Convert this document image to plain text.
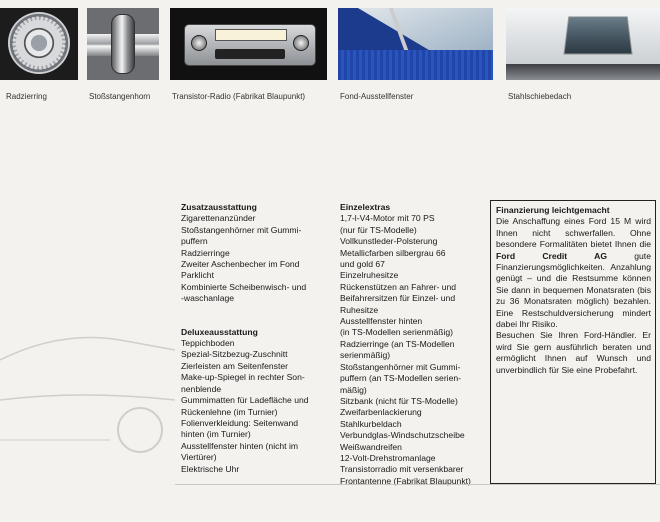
Radzierring	Stoßstangenhorn	Transistor-Radio (Fabrikat Blaupunkt)	Fond-Ausstellfenster	Stahlschiebedach

Zusatzausstattung

Zigarettenanzünder

Stoßstangenhörner mit Gummi-

puffern

Radzierringe

Zweiter Aschenbecher im Fond

Parklicht

Kombinierte Scheibenwisch- und

-waschanlage

Deluxeausstattung

Teppichboden

Spezial-Sitzbezug-Zuschnitt

Zierleisten am Seitenfenster

Make-up-Spiegel in rechter Son-

nenblende

Gummimatten für Ladefläche und

Rückenlehne (im Turnier)

Folienverkleidung: Seitenwand

hinten (im Turnier)

Ausstellfenster hinten (nicht im

Viertürer)

Elektrische Uhr

Einzelextras

1,7-l-V4-Motor mit 70 PS

(nur für TS-Modelle)

Vollkunstleder-Polsterung

Metallicfarben silbergrau 66

und gold 67

Einzelruhesitze

Rückenstützen an Fahrer- und

Beifahrersitzen für Einzel- und

Ruhesitze

Ausstellfenster hinten

(in TS-Modellen serienmäßig)

Radzierringe (an TS-Modellen

serienmäßig)

Stoßstangenhörner mit Gummi-

puffern (an TS-Modellen serien-

mäßig)

Sitzbank (nicht für TS-Modelle)

Zweifarbenlackierung

Stahlkurbeldach

Verbundglas-Windschutzscheibe

Weißwandreifen

12-Volt-Drehstromanlage

Transistorradio mit versenkbarer

Frontantenne (Fabrikat Blaupunkt)

Finanzierung leichtgemacht

Die Anschaffung eines Ford 15 M wird Ihnen nicht schwerfallen. Ohne besondere Formalitäten bietet Ihnen die Ford Credit AG gute Finanzierungsmöglichkeiten. Anzahlung genügt – und die Restsumme können Sie dann in bequemen Monatsraten (bis zu 36 Monatsraten möglich) bezahlen. Eine Restschuldversicherung mindert dabei Ihr Risiko.

Besuchen Sie Ihren Ford-Händler. Er wird Sie gern ausführlich beraten und ermöglicht Ihnen auf Wunsch und unverbindlich für Sie eine Probefahrt.
